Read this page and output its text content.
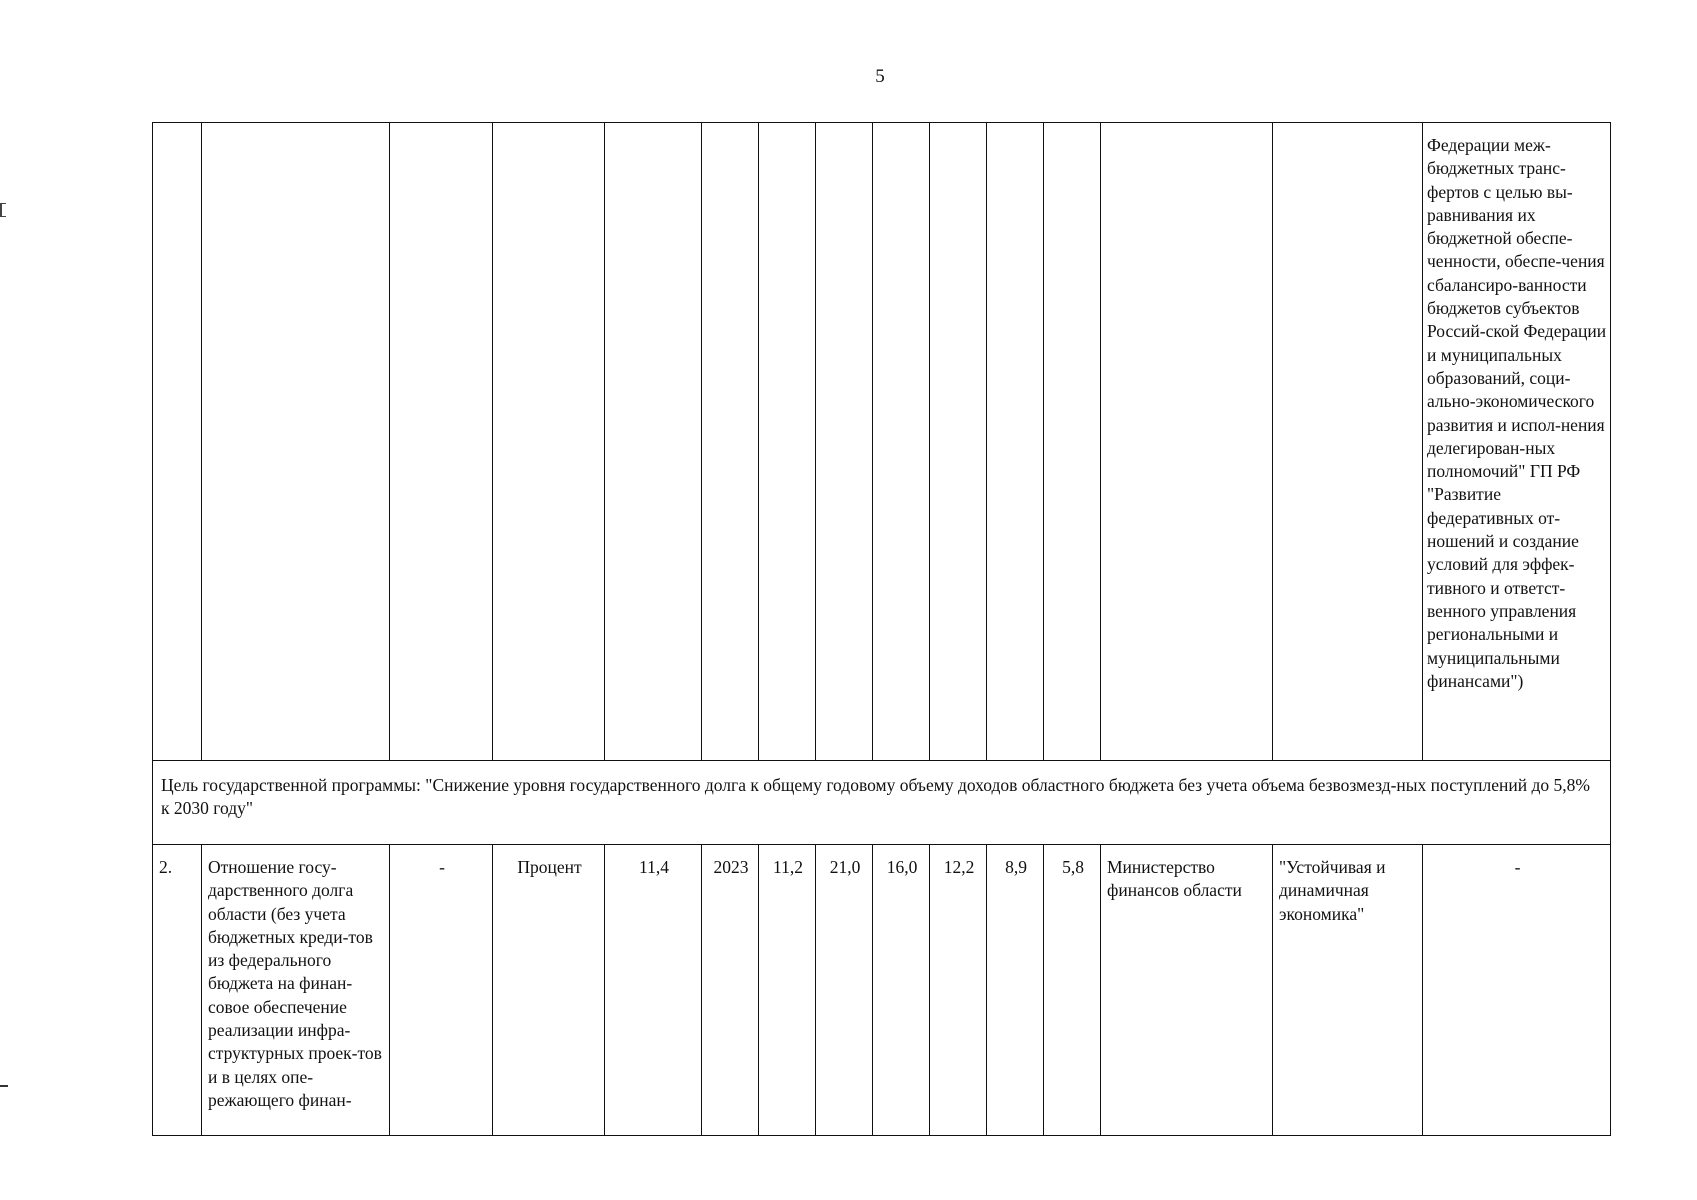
5
														Федерации меж-бюджетных транс-фертов с целью вы-равнивания их бюджетной обеспе-ченности, обеспе-чения сбалансиро-ванности бюджетов субъектов Россий-ской Федерации и муниципальных образований, соци-ально-экономического развития и испол-нения делегирован-ных полномочий" ГП РФ "Развитие федеративных от-ношений и создание условий для эффек-тивного и ответст-венного управления региональными и муниципальными финансами")
Цель государственной программы: "Снижение уровня государственного долга к общему годовому объему доходов областного бюджета без учета объема безвозмезд-ных поступлений до 5,8% к 2030 году"														
2.	Отношение госу-дарственного долга области (без учета бюджетных креди-тов из федерального бюджета на финан-совое обеспечение реализации инфра-структурных проек-тов и в целях опе-режающего финан-	-	Процент	11,4	2023	11,2	21,0	16,0	12,2	8,9	5,8	Министерство финансов области	"Устойчивая и динамичная экономика"	-
